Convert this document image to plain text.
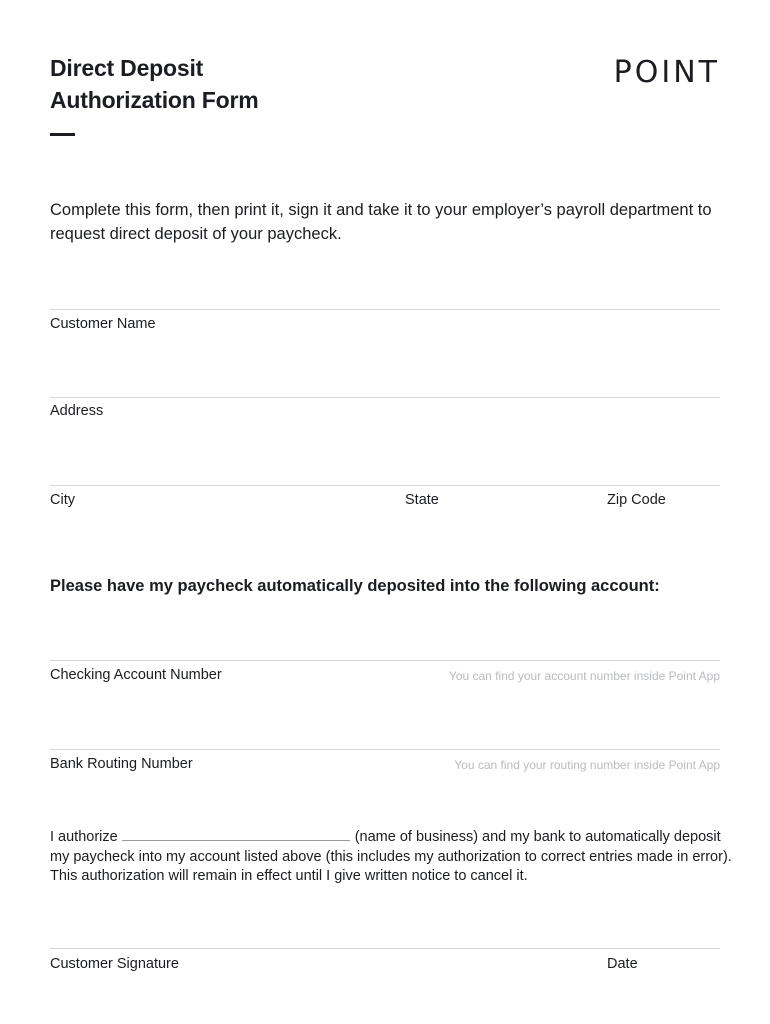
Direct Deposit
Authorization Form
POINT

Complete this form, then print it, sign it and take it to your employer’s payroll department to request direct deposit of your paycheck.

Customer Name
Address
City	State	Zip Code
Please have my paycheck automatically deposited into the following account:
Checking Account Number	You can find your account number inside Point App
Bank Routing Number	You can find your routing number inside Point App

I authorize	(name of business) and my bank to automatically deposit my paycheck into my account listed above (this includes my authorization to correct entries made in error). This authorization will remain in effect until I give written notice to cancel it.

Customer Signature	Date
